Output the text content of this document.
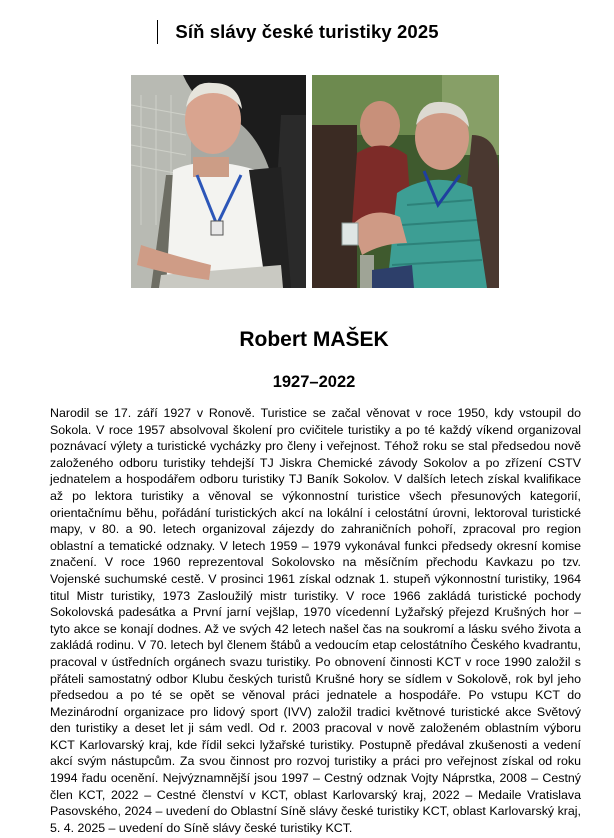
Síň slávy české turistiky 2025
Robert MAŠEK
1927–2022

Narodil se 17. září 1927 v Ronově. Turistice se začal věnovat v roce 1950, kdy vstoupil do Sokola. V roce 1957 absolvoval školení pro cvičitele turistiky a po té každý víkend organizoval poznávací výlety a turistické vycházky pro členy i veřejnost. Téhož roku se stal předsedou nově založeného odboru turistiky tehdejší TJ Jiskra Chemické závody Sokolov a po zřízení CSTV jednatelem a hospodářem odboru turistiky TJ Baník Sokolov. V dalších letech získal kvalifikace až po lektora turistiky a věnoval se výkonnostní turistice všech přesunových kategorií, orientačnímu běhu, pořádání turistických akcí na lokální i celostátní úrovni, lektoroval turistické mapy, v 80. a 90. letech organizoval zájezdy do zahraničních pohoří, zpracoval pro region oblastní a tematické odznaky. V letech 1959 – 1979 vykonával funkci předsedy okresní komise značení. V roce 1960 reprezentoval Sokolovsko na měsíčním přechodu Kavkazu po tzv. Vojenské suchumské cestě. V prosinci 1961 získal odznak 1. stupeň výkonnostní turistiky, 1964 titul Mistr turistiky, 1973 Zasloužilý mistr turistiky. V roce 1966 zakládá turistické pochody Sokolovská padesátka a První jarní vejšlap, 1970 vícedenní Lyžařský přejezd Krušných hor – tyto akce se konají dodnes. Až ve svých 42 letech našel čas na soukromí a lásku svého života a zakládá rodinu. V 70. letech byl členem štábů a vedoucím etap celostátního Českého kvadrantu, pracoval v ústředních orgánech svazu turistiky. Po obnovení činnosti KCT v roce 1990 založil s přáteli samostatný odbor Klubu českých turistů Krušné hory se sídlem v Sokolově, rok byl jeho předsedou a po té se opět se věnoval práci jednatele a hospodáře. Po vstupu KCT do Mezinárodní organizace pro lidový sport (IVV) založil tradici květnové turistické akce Světový den turistiky a deset let ji sám vedl. Od r. 2003 pracoval v nově založeném oblastním výboru KCT Karlovarský kraj, kde řídil sekci lyžařské turistiky. Postupně předával zkušenosti a vedení akcí svým nástupcům. Za svou činnost pro rozvoj turistiky a práci pro veřejnost získal od roku 1994 řadu ocenění. Nejvýznamnější jsou 1997 – Cestný odznak Vojty Náprstka, 2008 – Cestný člen KCT, 2022 – Cestné členství v KCT, oblast Karlovarský kraj, 2022 – Medaile Vratislava Pasovského, 2024 – uvedení do Oblastní Síně slávy české turistiky KCT, oblast Karlovarský kraj, 5. 4. 2025 – uvedení do Síně slávy české turistiky KCT.
